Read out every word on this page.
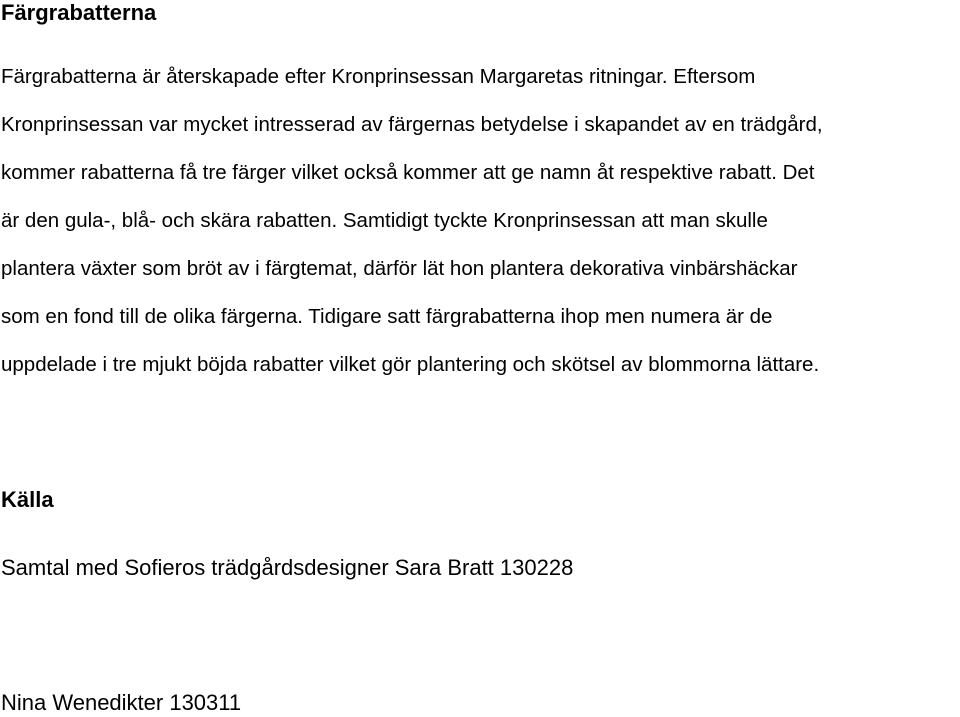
Färgrabatterna

Färgrabatterna är återskapade efter Kronprinsessan Margaretas ritningar. Eftersom
Kronprinsessan var mycket intresserad av färgernas betydelse i skapandet av en trädgård,
kommer rabatterna få tre färger vilket också kommer att ge namn åt respektive rabatt. Det
är den gula-, blå- och skära rabatten. Samtidigt tyckte Kronprinsessan att man skulle
plantera växter som bröt av i färgtemat, därför lät hon plantera dekorativa vinbärshäckar
som en fond till de olika färgerna. Tidigare satt färgrabatterna ihop men numera är de
uppdelade i tre mjukt böjda rabatter vilket gör plantering och skötsel av blommorna lättare.

Källa
Samtal med Sofieros trädgårdsdesigner Sara Bratt 130228
Nina Wenedikter 130311
